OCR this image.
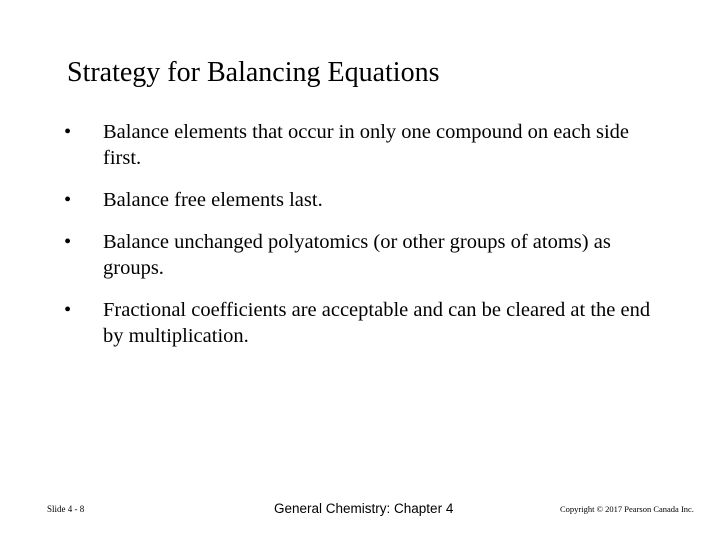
Strategy for Balancing Equations
•	Balance elements that occur in only one compound on each side first.
•	Balance free elements last.
•	Balance unchanged polyatomics (or other groups of atoms) as groups.
•	Fractional coefficients are acceptable and can be cleared at the end by multiplication.
Slide 4 - 8	General Chemistry: Chapter 4	Copyright © 2017 Pearson Canada Inc.
